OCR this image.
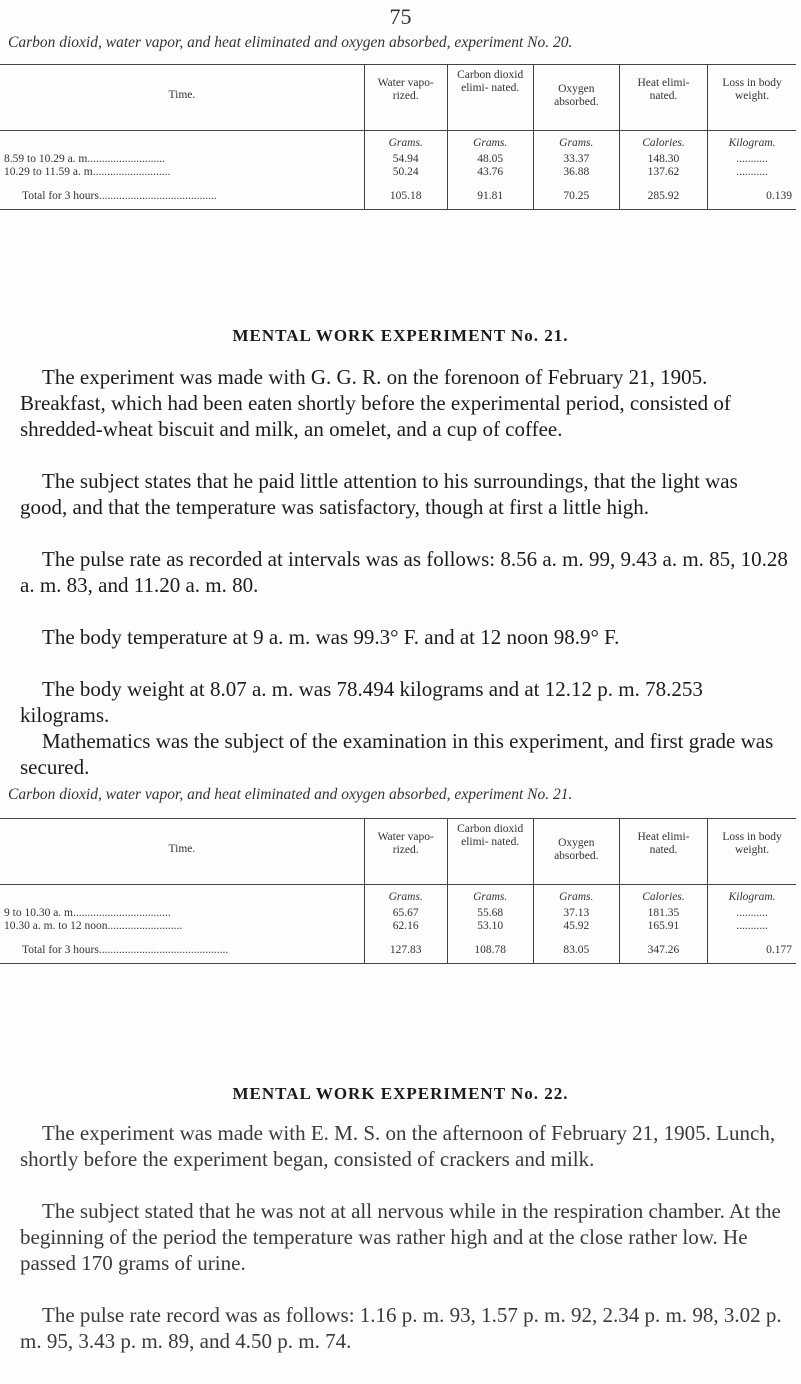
75
Carbon dioxid, water vapor, and heat eliminated and oxygen absorbed, experiment No. 20.
Time.	Water vapo- rized.	Carbon dioxid elimi- nated.	Oxygen absorbed.	Heat elimi- nated.	Loss in body weight.
	Grams.	Grams.	Grams.	Calories.	Kilogram.
8.59 to 10.29 a. m...........................	54.94	48.05	33.37	148.30	...........
10.29 to 11.59 a. m...........................	50.24	43.76	36.88	137.62	...........
Total for 3 hours.........................................	105.18	91.81	70.25	285.92	0.139
MENTAL WORK EXPERIMENT No. 21.
The experiment was made with G. G. R. on the forenoon of February 21, 1905. Breakfast, which had been eaten shortly before the experimental period, consisted of shredded-wheat biscuit and milk, an omelet, and a cup of coffee.
The subject states that he paid little attention to his surroundings, that the light was good, and that the temperature was satisfactory, though at first a little high.
The pulse rate as recorded at intervals was as follows: 8.56 a. m. 99, 9.43 a. m. 85, 10.28 a. m. 83, and 11.20 a. m. 80.
The body temperature at 9 a. m. was 99.3° F. and at 12 noon 98.9° F.
The body weight at 8.07 a. m. was 78.494 kilograms and at 12.12 p. m. 78.253 kilograms.
Mathematics was the subject of the examination in this experiment, and first grade was secured.
Carbon dioxid, water vapor, and heat eliminated and oxygen absorbed, experiment No. 21.
Time.	Water vapo- rized.	Carbon dioxid elimi- nated.	Oxygen absorbed.	Heat elimi- nated.	Loss in body weight.
	Grams.	Grams.	Grams.	Calories.	Kilogram.
9 to 10.30 a. m..................................	65.67	55.68	37.13	181.35	...........
10.30 a. m. to 12 noon..........................	62.16	53.10	45.92	165.91	...........
Total for 3 hours.............................................	127.83	108.78	83.05	347.26	0.177
MENTAL WORK EXPERIMENT No. 22.
The experiment was made with E. M. S. on the afternoon of February 21, 1905. Lunch, shortly before the experiment began, consisted of crackers and milk.
The subject stated that he was not at all nervous while in the respiration chamber. At the beginning of the period the temperature was rather high and at the close rather low. He passed 170 grams of urine.
The pulse rate record was as follows: 1.16 p. m. 93, 1.57 p. m. 92, 2.34 p. m. 98, 3.02 p. m. 95, 3.43 p. m. 89, and 4.50 p. m. 74.
